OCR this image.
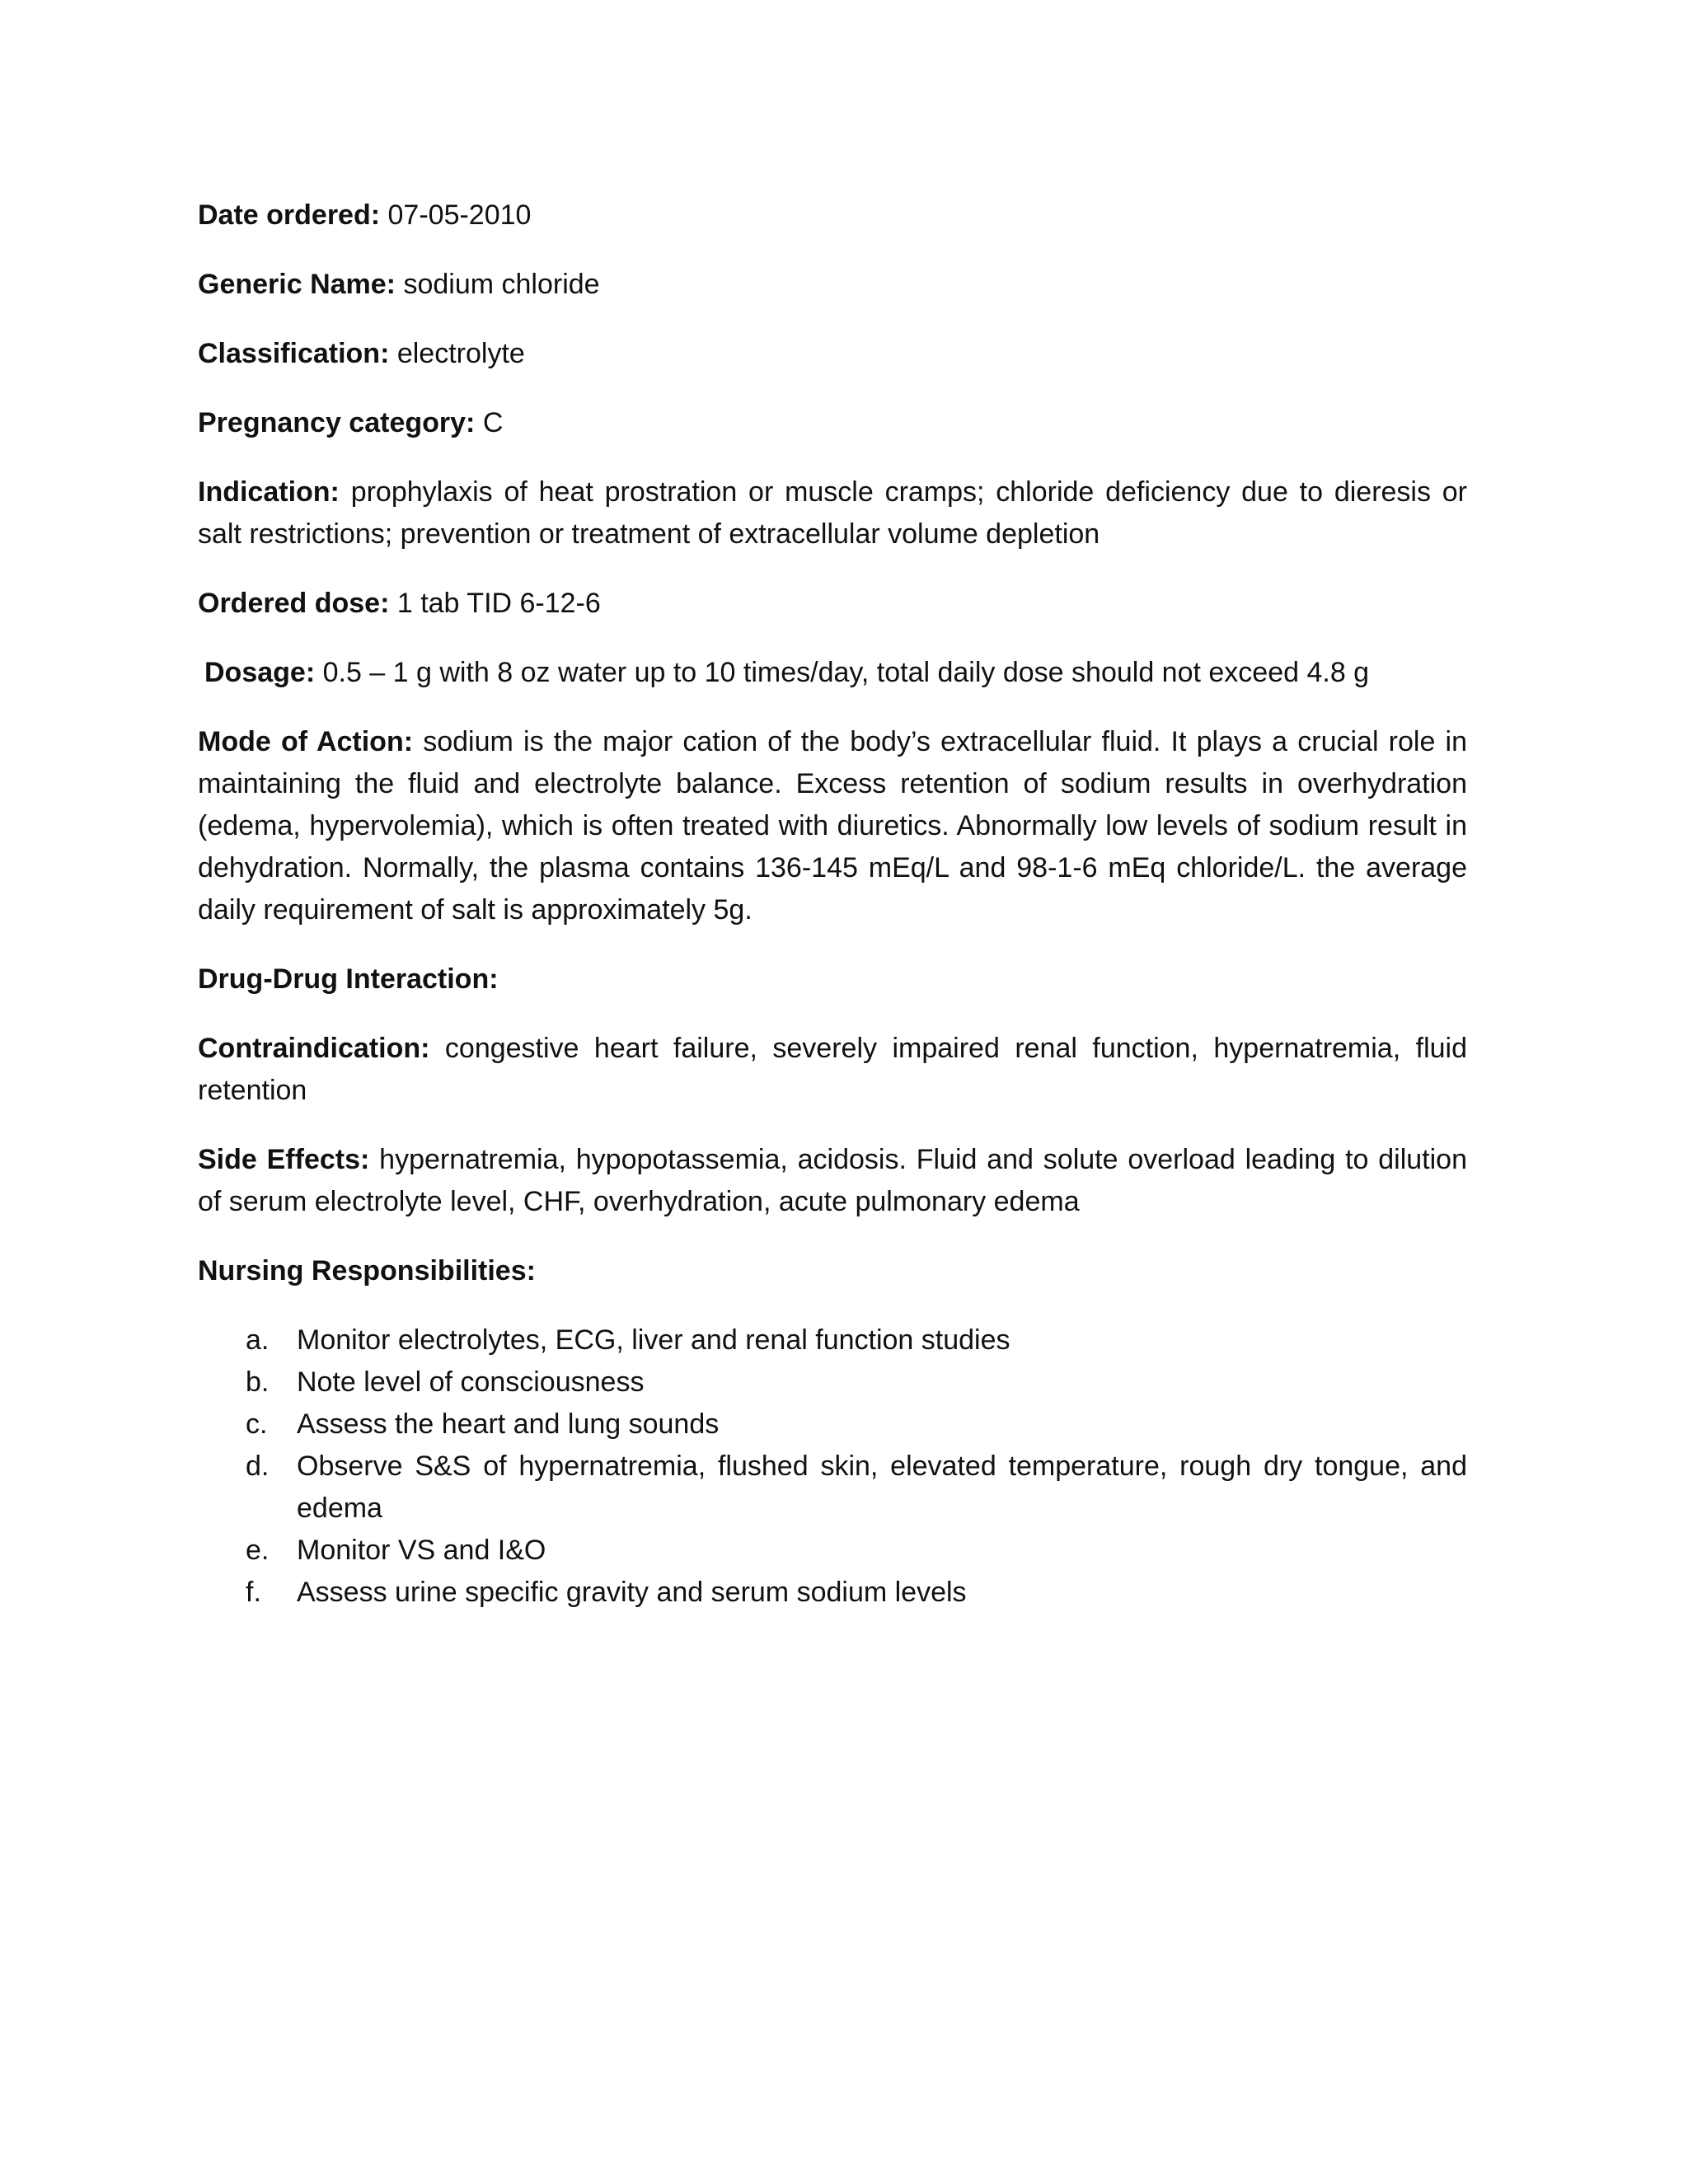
Date ordered: 07-05-2010

Generic Name: sodium chloride

Classification: electrolyte

Pregnancy category: C

Indication: prophylaxis of heat prostration or muscle cramps; chloride deficiency due to dieresis or salt restrictions; prevention or treatment of extracellular volume depletion

Ordered dose: 1 tab TID 6-12-6

Dosage: 0.5 – 1 g with 8 oz water up to 10 times/day, total daily dose should not exceed 4.8 g

Mode of Action: sodium is the major cation of the body’s extracellular fluid. It plays a crucial role in maintaining the fluid and electrolyte balance. Excess retention of sodium results in overhydration (edema, hypervolemia), which is often treated with diuretics. Abnormally low levels of sodium result in dehydration. Normally, the plasma contains 136-145 mEq/L and 98-1-6 mEq chloride/L. the average daily requirement of salt is approximately 5g.

Drug-Drug Interaction:

Contraindication: congestive heart failure, severely impaired renal function, hypernatremia, fluid retention

Side Effects: hypernatremia, hypopotassemia, acidosis. Fluid and solute overload leading to dilution of serum electrolyte level, CHF, overhydration, acute pulmonary edema

Nursing Responsibilities:

a. Monitor electrolytes, ECG, liver and renal function studies
b. Note level of consciousness
c.	Assess the heart and lung sounds
d. Observe S&S of hypernatremia, flushed skin, elevated temperature, rough dry tongue, and edema
e. Monitor VS and I&O
f.	Assess urine specific gravity and serum sodium levels
